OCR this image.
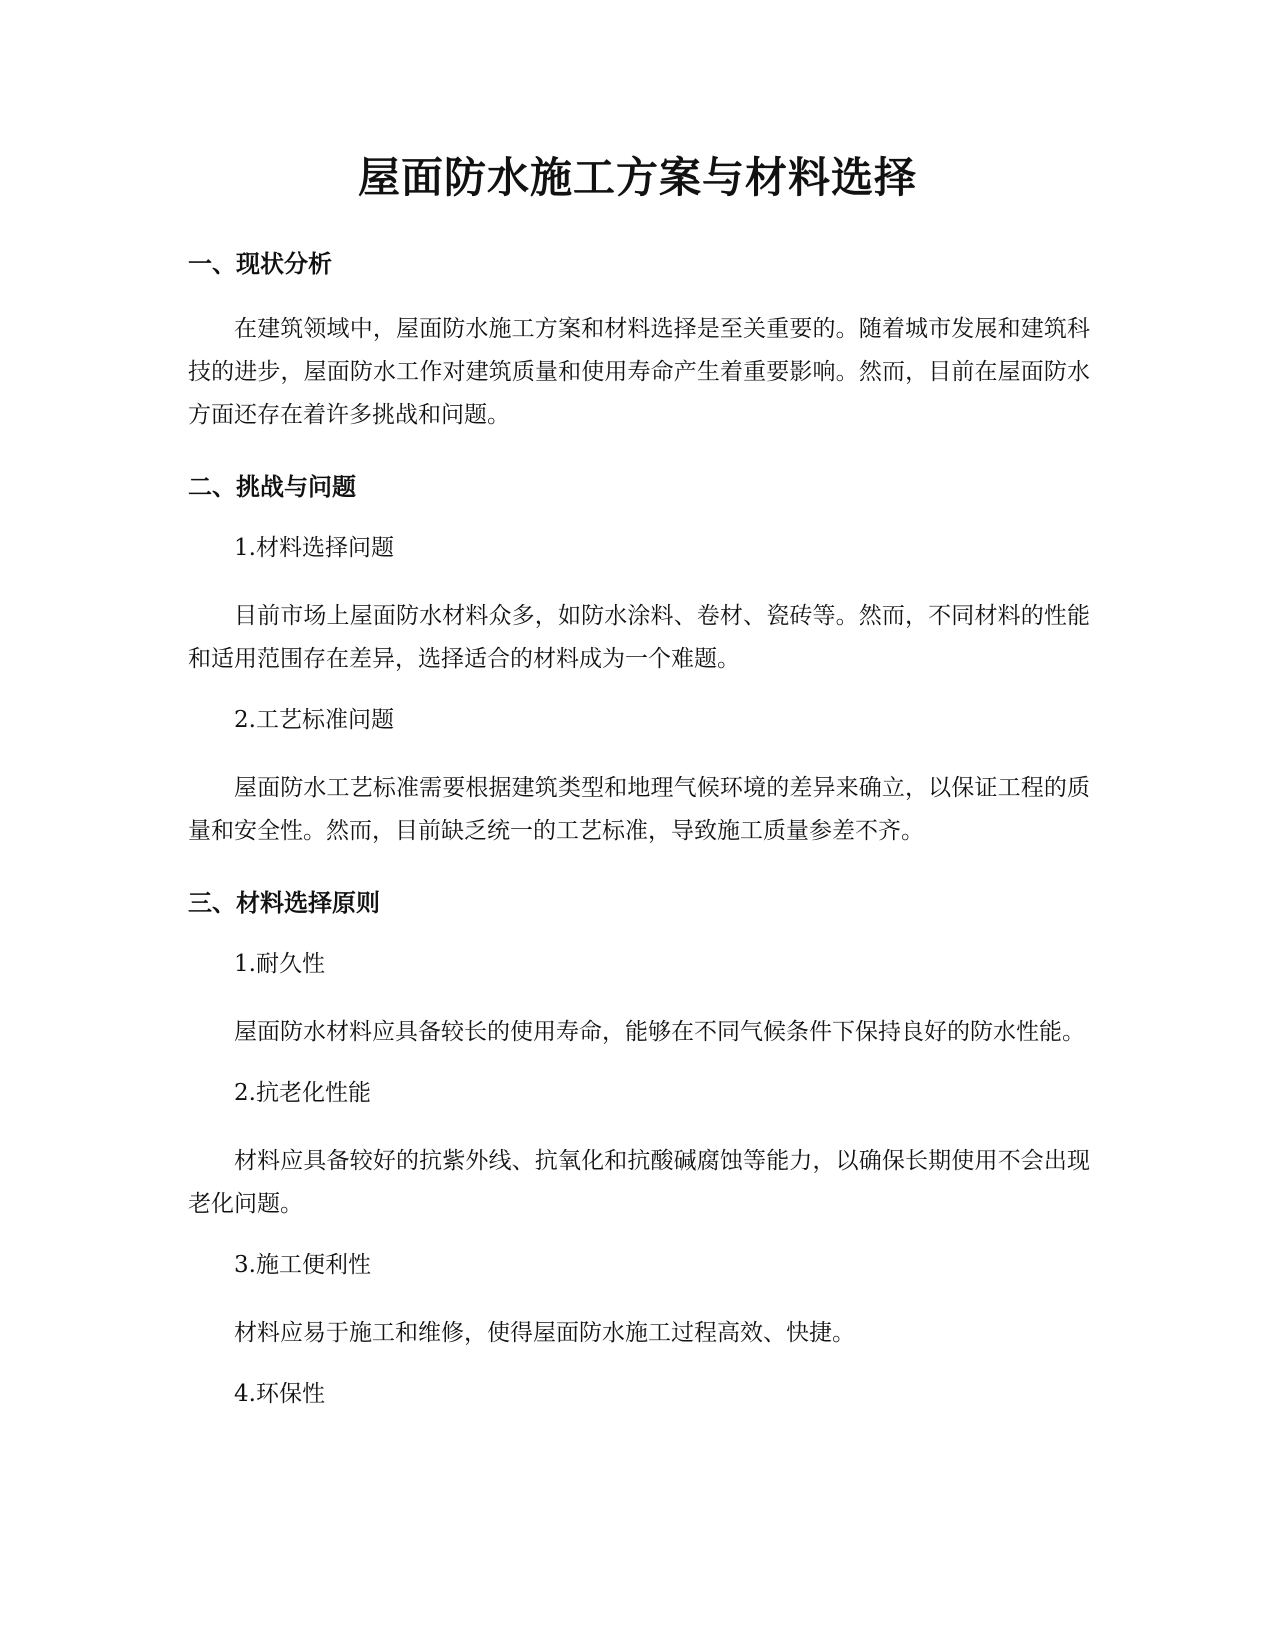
屋面防水施工方案与材料选择
一、现状分析

在建筑领域中，屋面防水施工方案和材料选择是至关重要的。随着城市发展和建筑科技的进步，屋面防水工作对建筑质量和使用寿命产生着重要影响。然而，目前在屋面防水方面还存在着许多挑战和问题。

二、挑战与问题

1.材料选择问题

目前市场上屋面防水材料众多，如防水涂料、卷材、瓷砖等。然而，不同材料的性能和适用范围存在差异，选择适合的材料成为一个难题。

2.工艺标准问题

屋面防水工艺标准需要根据建筑类型和地理气候环境的差异来确立，以保证工程的质量和安全性。然而，目前缺乏统一的工艺标准，导致施工质量参差不齐。

三、材料选择原则

1.耐久性

屋面防水材料应具备较长的使用寿命，能够在不同气候条件下保持良好的防水性能。

2.抗老化性能

材料应具备较好的抗紫外线、抗氧化和抗酸碱腐蚀等能力，以确保长期使用不会出现老化问题。

3.施工便利性

材料应易于施工和维修，使得屋面防水施工过程高效、快捷。

4.环保性
